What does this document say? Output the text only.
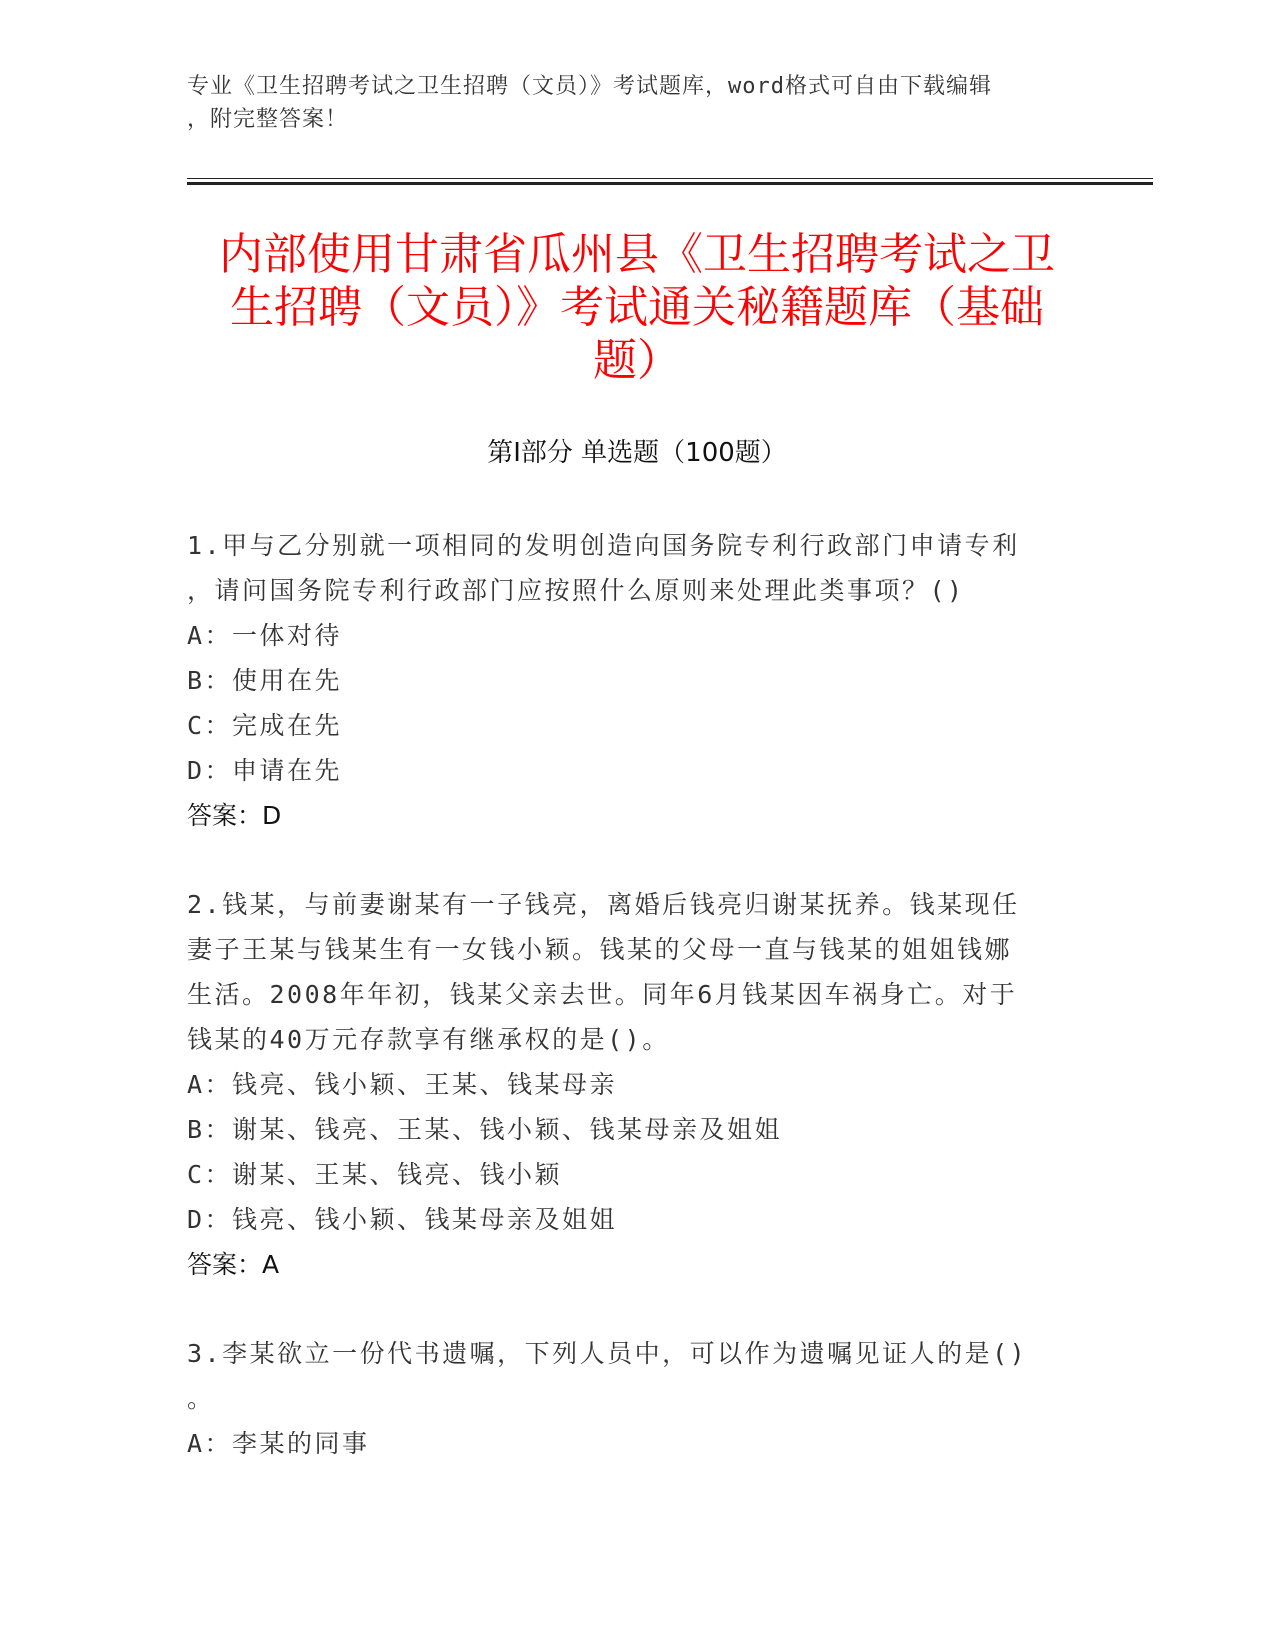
专业《卫生招聘考试之卫生招聘（文员）》考试题库，word格式可自由下载编辑
，附完整答案！
内部使用甘肃省瓜州县《卫生招聘考试之卫
生招聘（文员）》考试通关秘籍题库（基础
题）
第Ⅰ部分 单选题（100题）
1.甲与乙分别就一项相同的发明创造向国务院专利行政部门申请专利
，请问国务院专利行政部门应按照什么原则来处理此类事项？()
A：一体对待
B：使用在先
C：完成在先
D：申请在先
答案：D
2.钱某，与前妻谢某有一子钱亮，离婚后钱亮归谢某抚养。钱某现任
妻子王某与钱某生有一女钱小颖。钱某的父母一直与钱某的姐姐钱娜
生活。2008年年初，钱某父亲去世。同年6月钱某因车祸身亡。对于
钱某的40万元存款享有继承权的是()。
A：钱亮、钱小颖、王某、钱某母亲
B：谢某、钱亮、王某、钱小颖、钱某母亲及姐姐
C：谢某、王某、钱亮、钱小颖
D：钱亮、钱小颖、钱某母亲及姐姐
答案：A
3.李某欲立一份代书遗嘱，下列人员中，可以作为遗嘱见证人的是()
。
A：李某的同事
